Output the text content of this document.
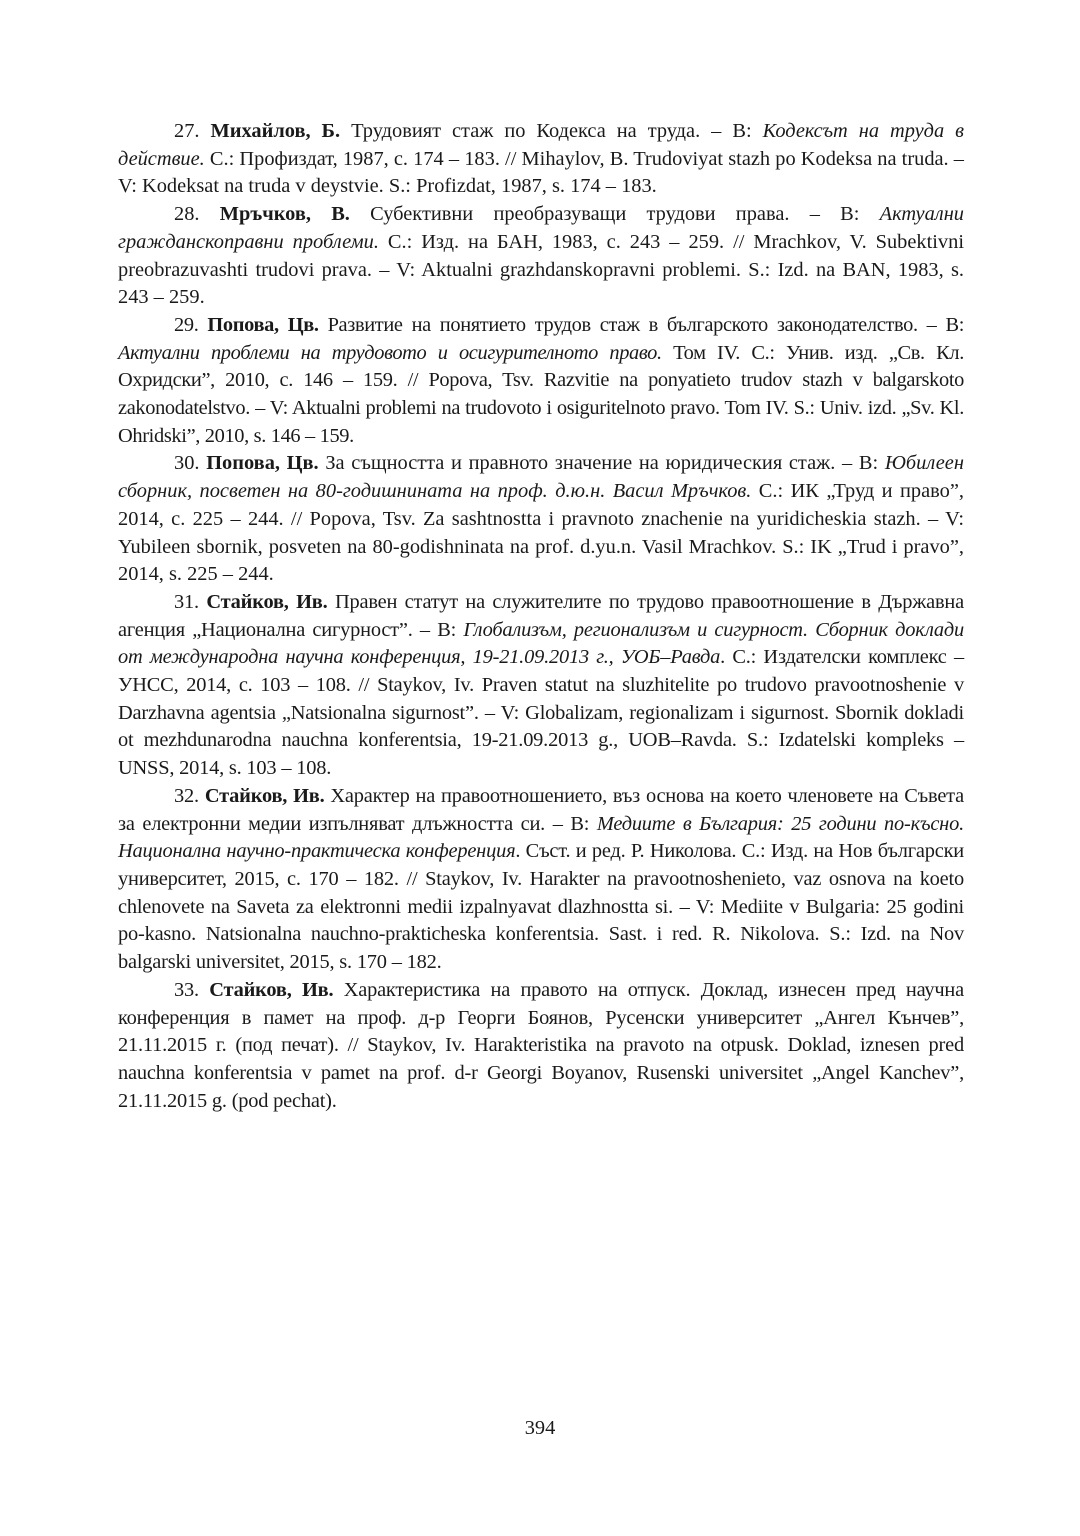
27. Михайлов, Б. Трудовият стаж по Кодекса на труда. – В: Кодексът на труда в действие. С.: Профиздат, 1987, с. 174 – 183. // Mihaylov, B. Trudoviyat stazh po Kodeksa na truda. – V: Kodeksat na truda v deystvie. S.: Profizdat, 1987, s. 174 – 183.

28. Мръчков, В. Субективни преобразуващи трудови права. – В: Актуални гражданскоправни проблеми. С.: Изд. на БАН, 1983, с. 243 – 259. // Mrachkov, V. Subektivni preobrazuvashti trudovi prava. – V: Aktualni grazhdanskopravni problemi. S.: Izd. na BAN, 1983, s. 243 – 259.

29. Попова, Цв. Развитие на понятието трудов стаж в българското законодателство. – В: Актуални проблеми на трудовото и осигурителното право. Том IV. С.: Унив. изд. „Св. Кл. Охридски”, 2010, с. 146 – 159. // Popova, Tsv. Razvitie na ponyatieto trudov stazh v balgarskoto zakonodatelstvo. – V: Aktualni problemi na trudovoto i osiguritelnoto pravo. Tom IV. S.: Univ. izd. „Sv. Kl. Ohridski”, 2010, s. 146 – 159.

30. Попова, Цв. За същността и правното значение на юридическия стаж. – В: Юбилеен сборник, посветен на 80-годишнината на проф. д.ю.н. Васил Мръчков. С.: ИК „Труд и право”, 2014, с. 225 – 244. // Popova, Tsv. Za sashtnostta i pravnoto znachenie na yuridicheskia stazh. – V: Yubileen sbornik, posveten na 80-godishninata na prof. d.yu.n. Vasil Mrachkov. S.: IK „Trud i pravo”, 2014, s. 225 – 244.

31. Стайков, Ив. Правен статут на служителите по трудово правоотношение в Държавна агенция „Национална сигурност”. – В: Глобализъм, регионализъм и сигурност. Сборник доклади от международна научна конференция, 19-21.09.2013 г., УОБ–Равда. С.: Издателски комплекс – УНСС, 2014, с. 103 – 108. // Staykov, Iv. Praven statut na sluzhitelite po trudovo pravootnoshenie v Darzhavna agentsia „Natsionalna sigurnost”. – V: Globalizam, regionalizam i sigurnost. Sbornik dokladi ot mezhdunarodna nauchna konferentsia, 19-21.09.2013 g., UOB–Ravda. S.: Izdatelski kompleks – UNSS, 2014, s. 103 – 108.

32. Стайков, Ив. Характер на правоотношението, въз основа на което членовете на Съвета за електронни медии изпълняват длъжността си. – В: Медиите в България: 25 години по-късно. Национална научно-практическа конференция. Съст. и ред. Р. Николова. С.: Изд. на Нов български университет, 2015, с. 170 – 182. // Staykov, Iv. Harakter na pravootnoshenieto, vaz osnova na koeto chlenovete na Saveta za elektronni medii izpalnyavat dlazhnostta si. – V: Mediite v Bulgaria: 25 godini po-kasno. Natsionalna nauchno-prakticheska konferentsia. Sast. i red. R. Nikolova. S.: Izd. na Nov balgarski universitet, 2015, s. 170 – 182.

33. Стайков, Ив. Характеристика на правото на отпуск. Доклад, изнесен пред научна конференция в памет на проф. д-р Георги Боянов, Русенски университет „Ангел Кънчев”, 21.11.2015 г. (под печат). // Staykov, Iv. Harakteristika na pravoto na otpusk. Doklad, iznesen pred nauchna konferentsia v pamet na prof. d-r Georgi Boyanov, Rusenski universitet „Angel Kanchev”, 21.11.2015 g. (pod pechat).

394
